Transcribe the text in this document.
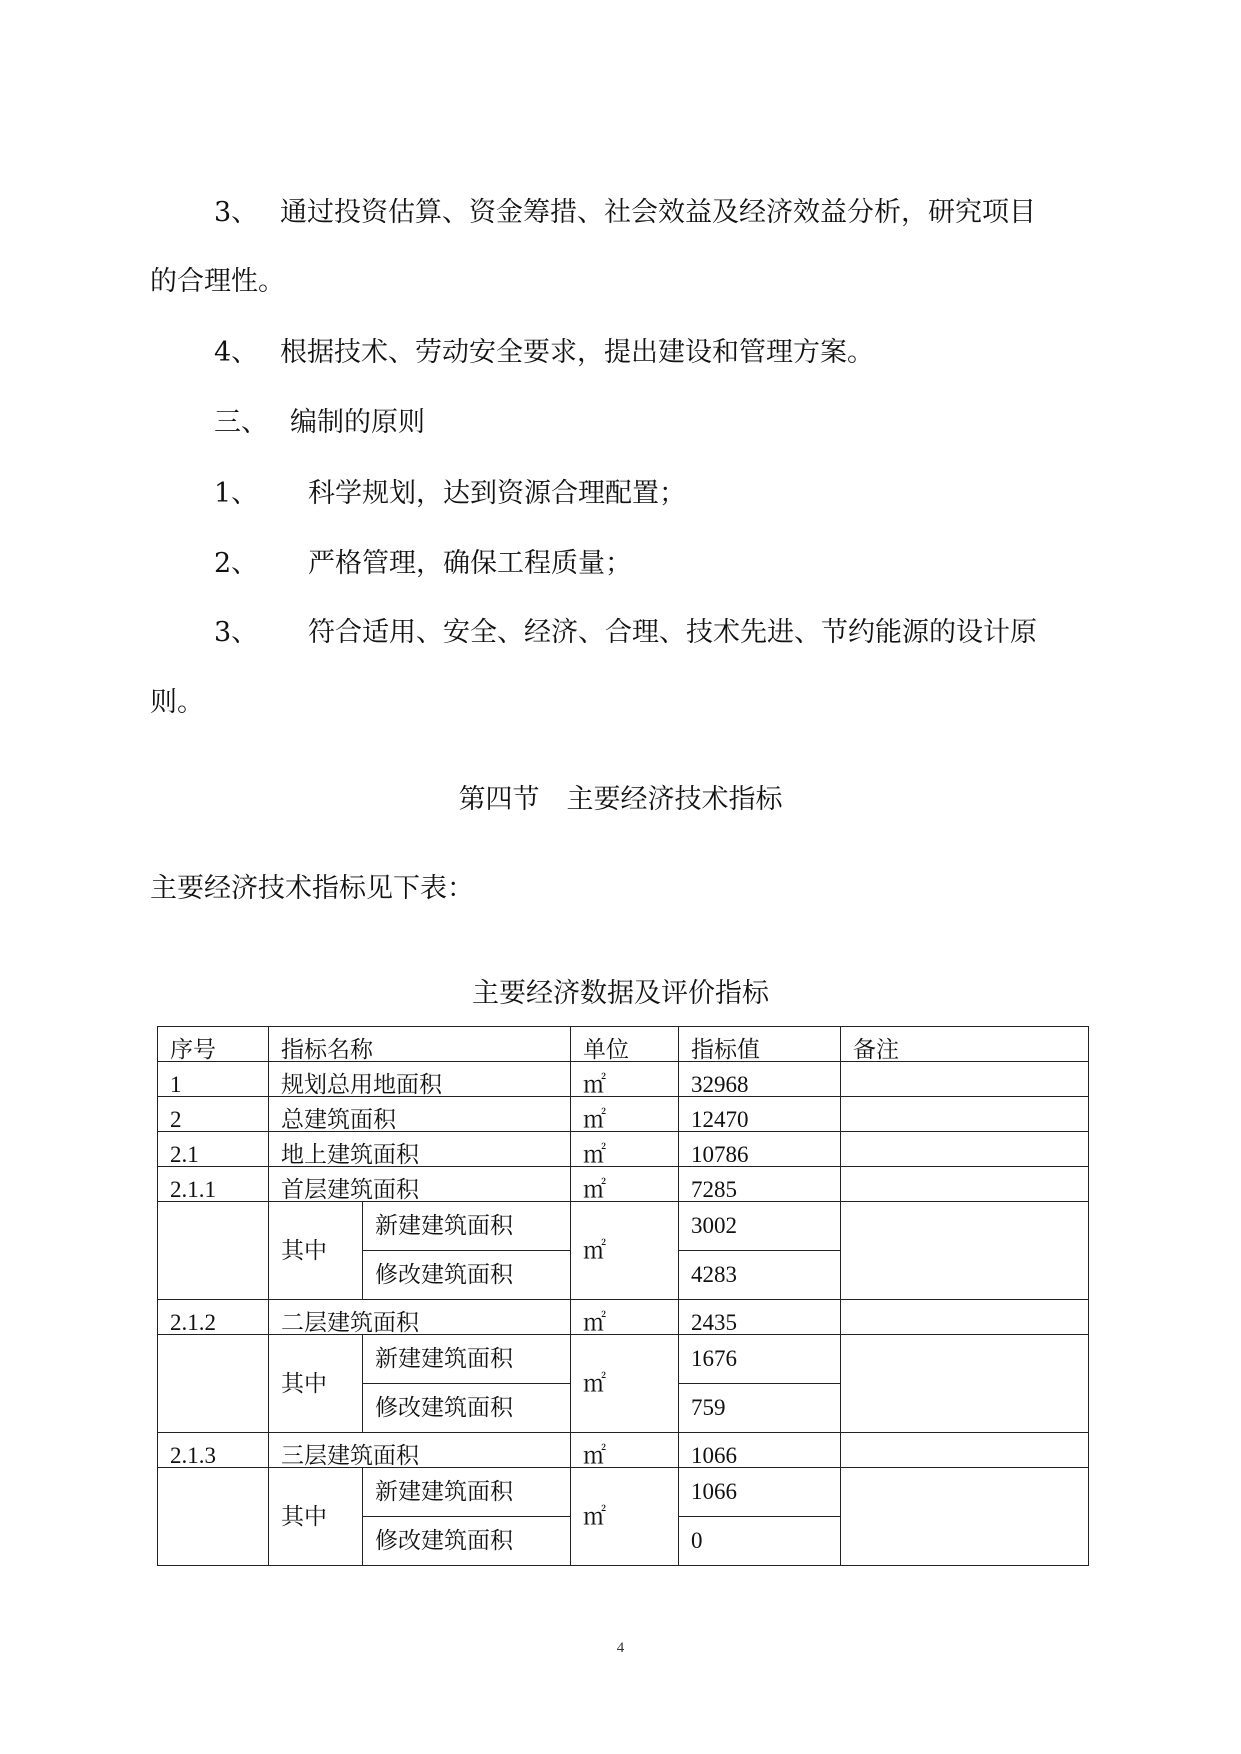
3、 通过投资估算、资金筹措、社会效益及经济效益分析，研究项目
的合理性。
4、 根据技术、劳动安全要求，提出建设和管理方案。
三、 编制的原则
1、 科学规划，达到资源合理配置；
2、 严格管理，确保工程质量；
3、 符合适用、安全、经济、合理、技术先进、节约能源的设计原
则。
第四节　主要经济技术指标
主要经济技术指标见下表：
主要经济数据及评价指标
序号	指标名称		单位	指标值	备注
1	规划总用地面积		㎡	32968	
2	总建筑面积		㎡	12470	
2.1	地上建筑面积		㎡	10786	
2.1.1	首层建筑面积		㎡	7285	
	其中	新建建筑面积	㎡	3002	
		修改建筑面积		4283	
2.1.2	二层建筑面积		㎡	2435	
	其中	新建建筑面积	㎡	1676	
		修改建筑面积		759	
2.1.3	三层建筑面积		㎡	1066	
	其中	新建建筑面积	㎡	1066	
		修改建筑面积		0	
4
